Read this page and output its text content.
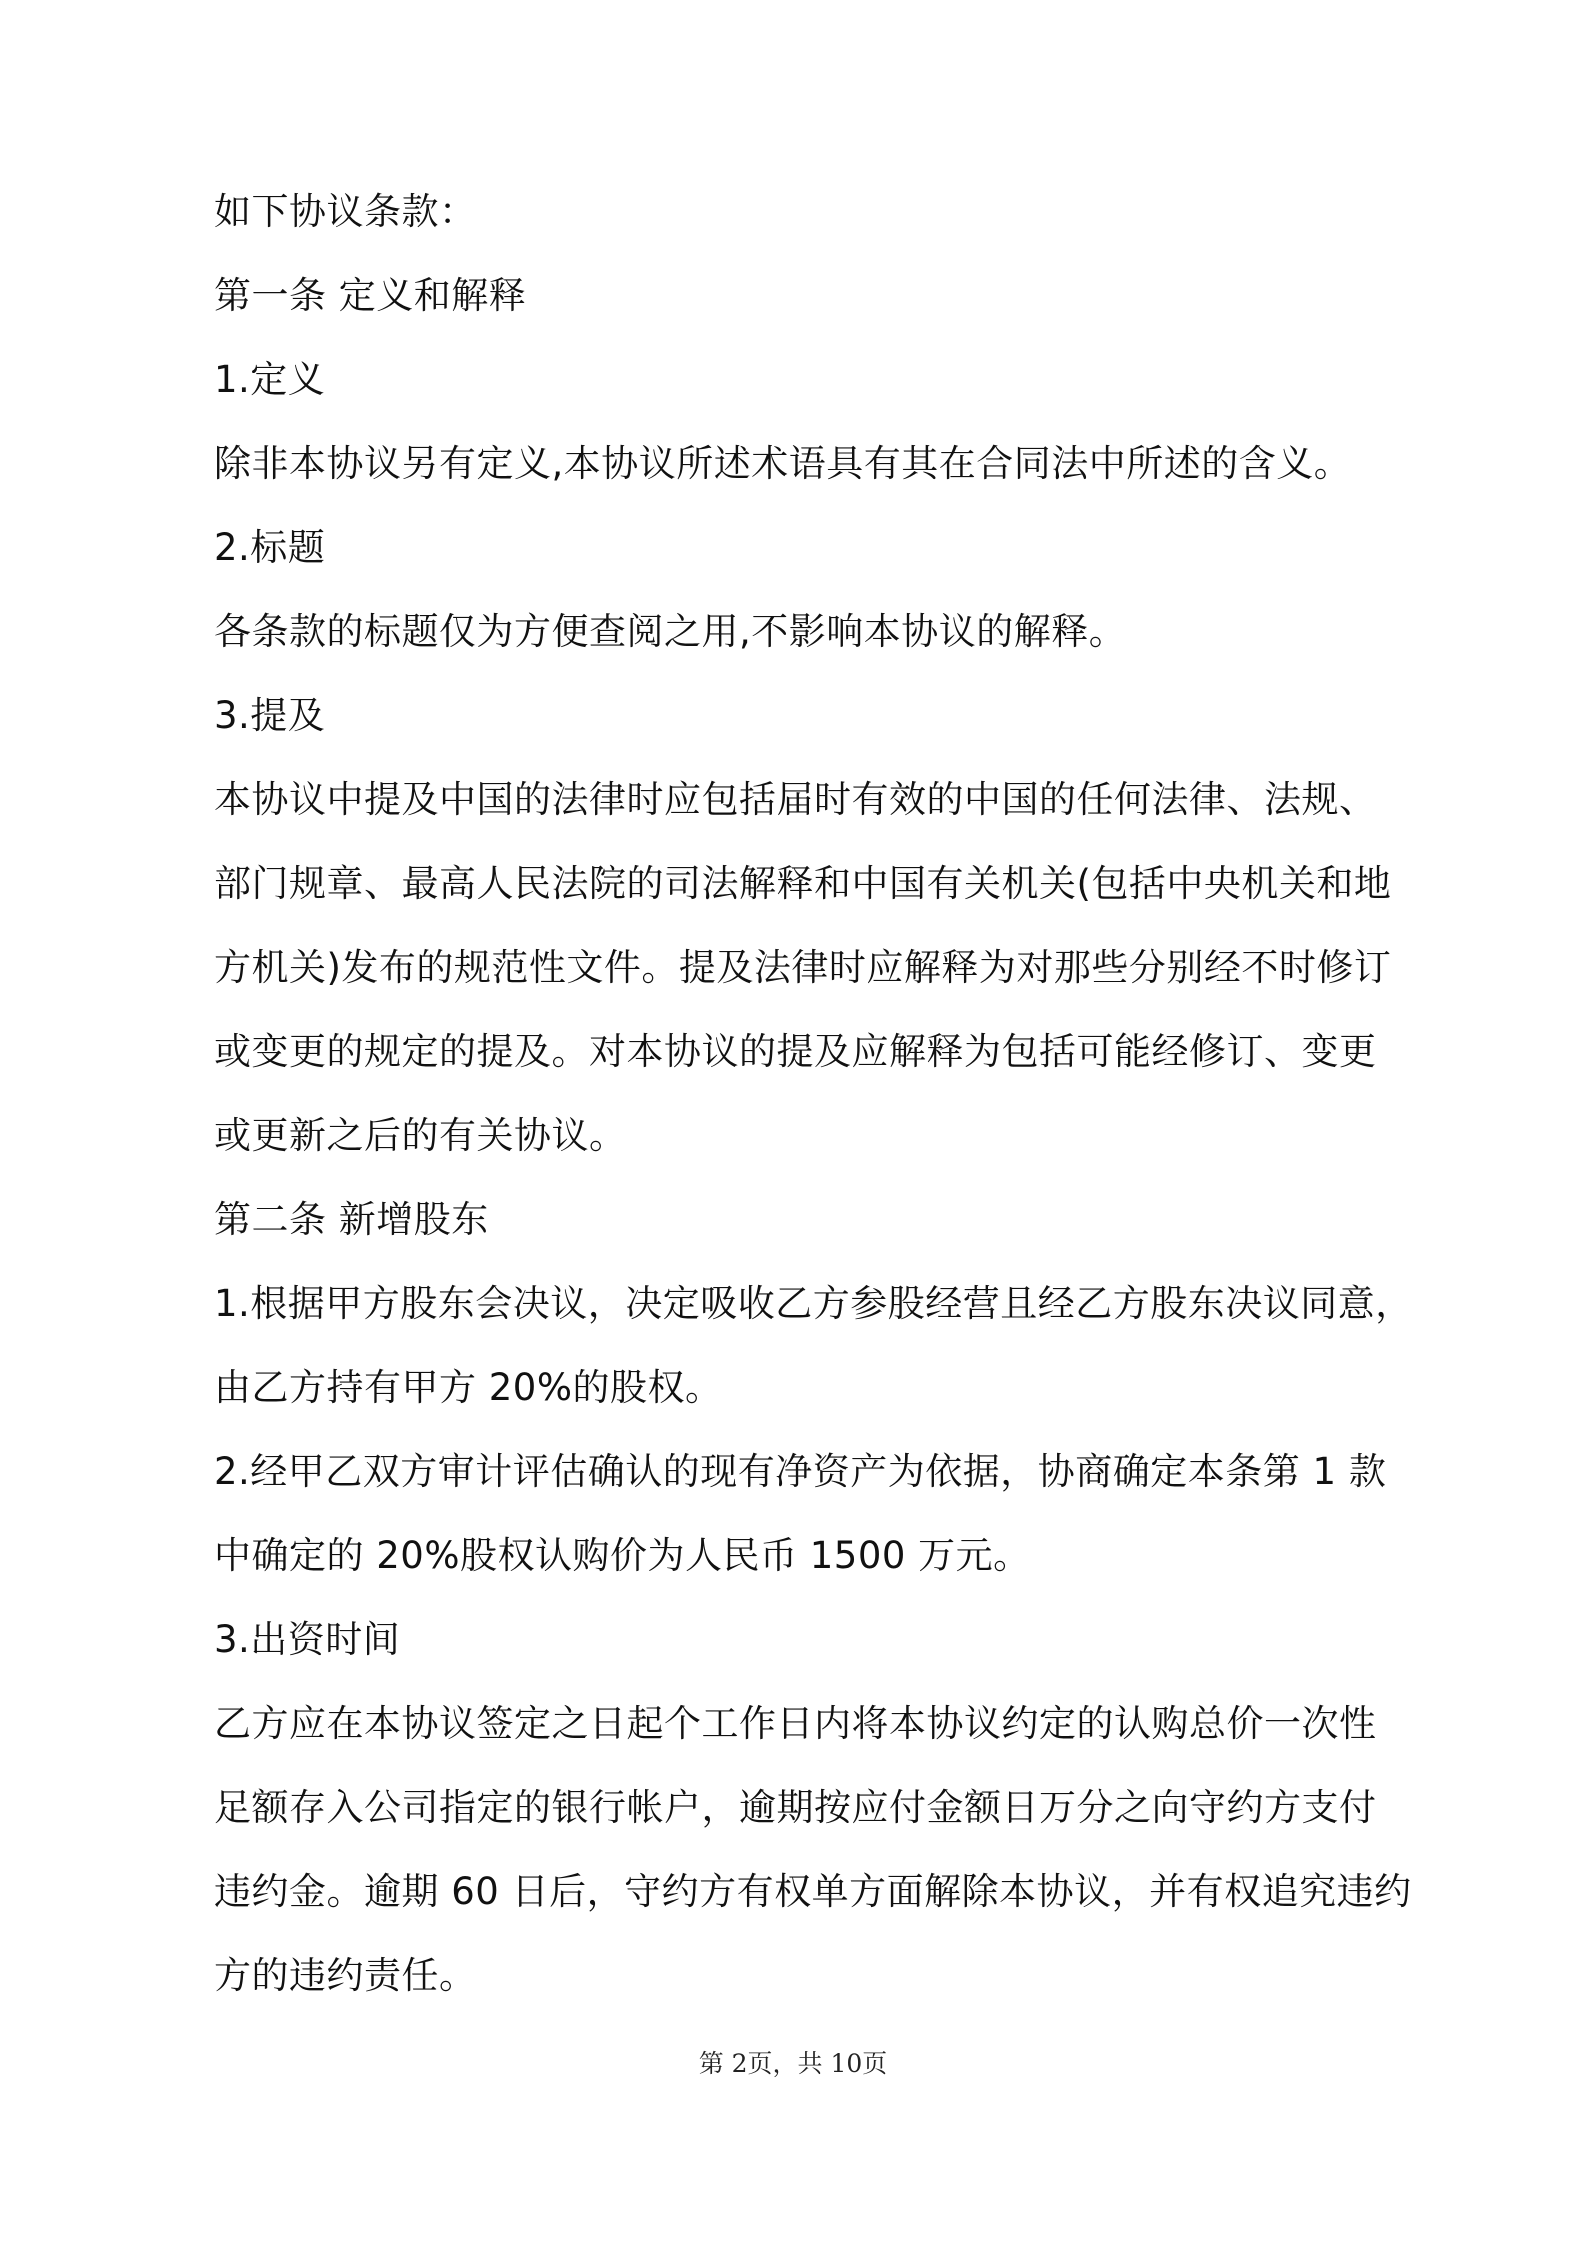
如下协议条款：
第一条 定义和解释
1.定义
除非本协议另有定义,本协议所述术语具有其在合同法中所述的含义。
2.标题
各条款的标题仅为方便查阅之用,不影响本协议的解释。
3.提及
本协议中提及中国的法律时应包括届时有效的中国的任何法律、法规、
部门规章、最高人民法院的司法解释和中国有关机关(包括中央机关和地
方机关)发布的规范性文件。提及法律时应解释为对那些分别经不时修订
或变更的规定的提及。对本协议的提及应解释为包括可能经修订、变更
或更新之后的有关协议。
第二条 新增股东
1.根据甲方股东会决议，决定吸收乙方参股经营且经乙方股东决议同意，
由乙方持有甲方 20%的股权。
2.经甲乙双方审计评估确认的现有净资产为依据，协商确定本条第 1 款
中确定的 20%股权认购价为人民币 1500 万元。
3.出资时间
乙方应在本协议签定之日起个工作日内将本协议约定的认购总价一次性
足额存入公司指定的银行帐户，逾期按应付金额日万分之向守约方支付
违约金。逾期 60 日后，守约方有权单方面解除本协议，并有权追究违约
方的违约责任。
第 2页，共 10页
